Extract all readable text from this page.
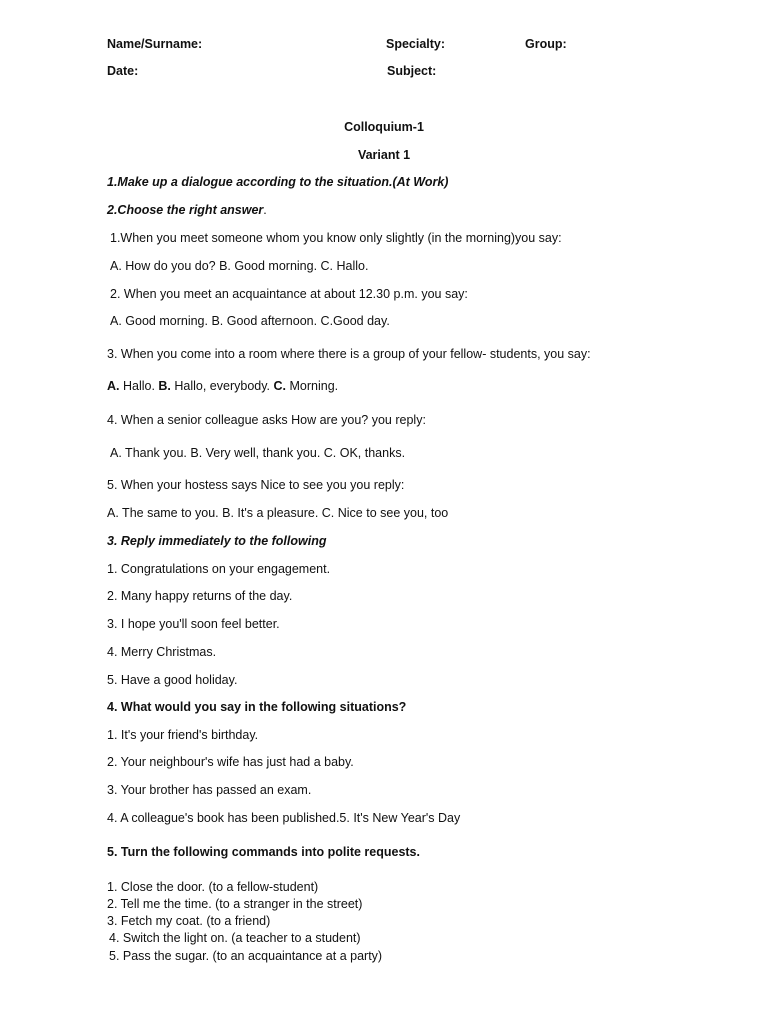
Name/Surname:	Specialty:	Group:
Date:	Subject:
Colloquium-1
Variant 1
1.Make up a dialogue according to the situation.(At Work)
2.Choose the right answer.
1.When you meet someone whom you know only slightly (in the morning)you say:
A. How do you do? B. Good morning. C. Hallo.
2. When you meet an acquaintance at about 12.30 p.m. you say:
A. Good morning. B. Good afternoon. C.Good day.
3. When you come into a room where there is a group of your fellow- students, you say:
A. Hallo. B. Hallo, everybody. C. Morning.
4. When a senior colleague asks How are you? you reply:
A. Thank you. B. Very well, thank you. C. OK, thanks.
5. When your hostess says Nice to see you you reply:
A. The same to you. B. It's a pleasure. C. Nice to see you, too
3. Reply immediately to the following
1. Congratulations on your engagement.
2. Many happy returns of the day.
3. I hope you'll soon feel better.
4. Merry Christmas.
5. Have a good holiday.
4. What would you say in the following situations?
1. It's your friend's birthday.
2. Your neighbour's wife has just had a baby.
3. Your brother has passed an exam.
4. A colleague's book has been published.5. It's New Year's Day
5. Turn the following commands into polite requests.
1. Close the door. (to a fellow-student)
2. Tell me the time. (to a stranger in the street)
3. Fetch my coat. (to a friend)
4. Switch the light on. (a teacher to a student)
5. Pass the sugar. (to an acquaintance at a party)
